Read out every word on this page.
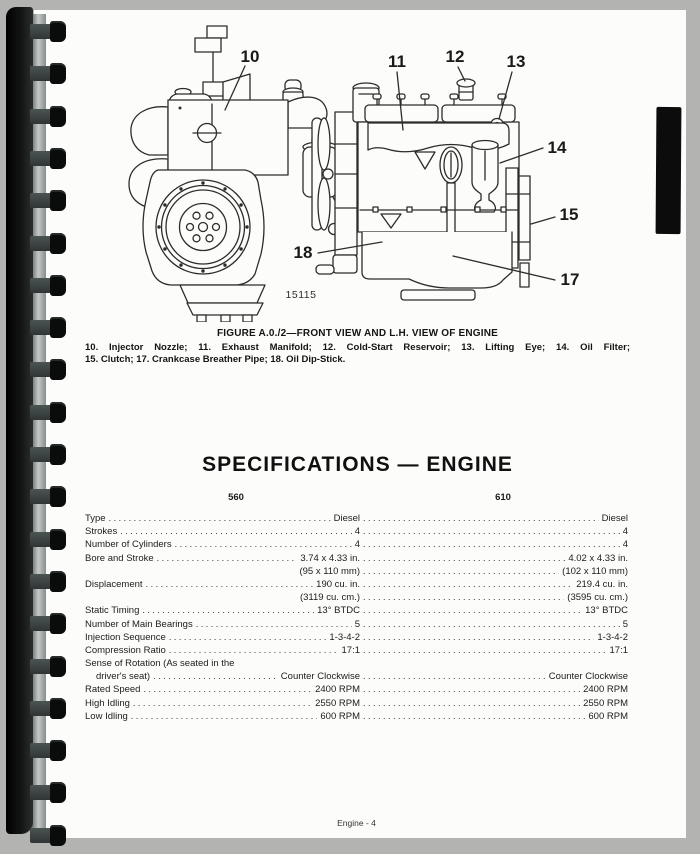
10	11 12 13
14
15
17
18
15115
FIGURE A.0./2—FRONT VIEW AND L.H. VIEW OF ENGINE
10. Injector Nozzle; 11. Exhaust Manifold; 12. Cold-Start Reservoir; 13. Lifting Eye; 14. Oil Filter;
15. Clutch; 17. Crankcase Breather Pipe; 18. Oil Dip-Stick.
SPECIFICATIONS — ENGINE
560	610
Type .....	Diesel .....	Diesel
Strokes .....	4 .....	4
Number of Cylinders .....	4 .....	4
Bore and Stroke .....	3.74 x 4.33 in. .....	4.02 x 4.33 in.
(95 x 110 mm) .....	(102 x 110 mm)
Displacement .....	190 cu. in. .....	219.4 cu. in.
(3119 cu. cm.) .....	(3595 cu. cm.)
Static Timing .....	13° BTDC .....	13° BTDC
Number of Main Bearings .....	5 .....	5
Injection Sequence .....	1-3-4-2 .....	1-3-4-2
Compression Ratio .....	17:1 .....	17:1
Sense of Rotation (As seated in the
driver's seat) .....	Counter Clockwise .....	Counter Clockwise
Rated Speed .....	2400 RPM .....	2400 RPM
High Idling .....	2550 RPM .....	2550 RPM
Low Idling .....	600 RPM .....	600 RPM
Engine - 4
